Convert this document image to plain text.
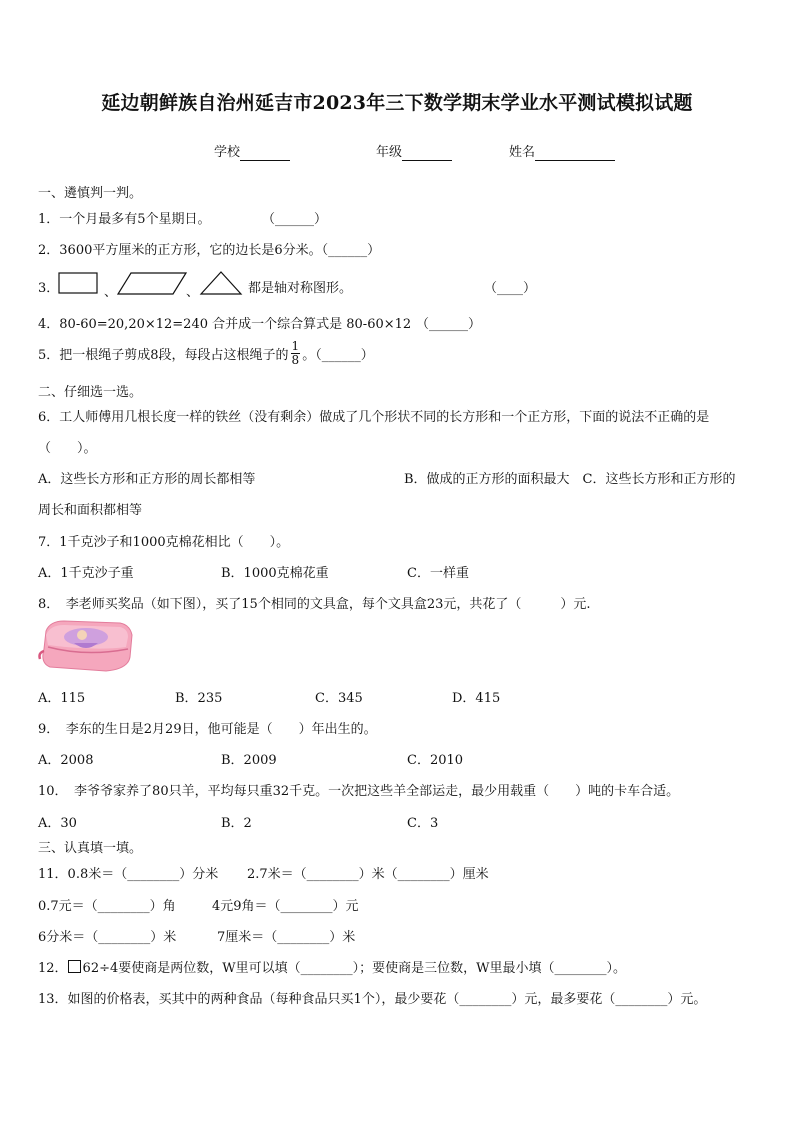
延边朝鲜族自治州延吉市2023年三下数学期末学业水平测试模拟试题
学校	年级	姓名
一、遴慎判一判。
1．一个月最多有5个星期日。	（______）
2．3600平方厘米的正方形，它的边长是6分米。（______）
3．	、	、	都是轴对称图形。	（____）
4．80-60=20,20×12=240 合并成一个综合算式是 80-60×12 （______）
5．把一根绳子剪成8段，每段占这根绳子的 $\frac{1}{8}$ 。（______）
二、仔细选一选。
6．工人师傅用几根长度一样的铁丝（没有剩余）做成了几个形状不同的长方形和一个正方形，下面的说法不正确的是
（　　）。
A．这些长方形和正方形的周长都相等	B．做成的正方形的面积最大　C．这些长方形和正方形的
周长和面积都相等
7．1千克沙子和1000克棉花相比（　　）。
A．1千克沙子重	B．1000克棉花重	C．一样重
8．　李老师买奖品（如下图），买了15个相同的文具盒，每个文具盒23元，共花了（　　　）元.
A．115	B．235	C．345	D．415
9．　李东的生日是2月29日，他可能是（　　）年出生的。
A．2008	B．2009	C．2010
10．　李爷爷家养了80只羊，平均每只重32千克。一次把这些羊全部运走，最少用载重（　　）吨的卡车合适。
A．30	B．2	C．3
三、认真填一填。
11．0.8米＝（________）分米 2.7米＝（________）米（________）厘米
0.7元＝（________）角	4元9角＝（________）元
6分米＝（________）米	7厘米＝（________）米
12． 62÷4要使商是两位数，W里可以填（________）；要使商是三位数，W里最小填（________）。
13．如图的价格表，买其中的两种食品（每种食品只买1个），最少要花（________）元，最多要花（________）元。
